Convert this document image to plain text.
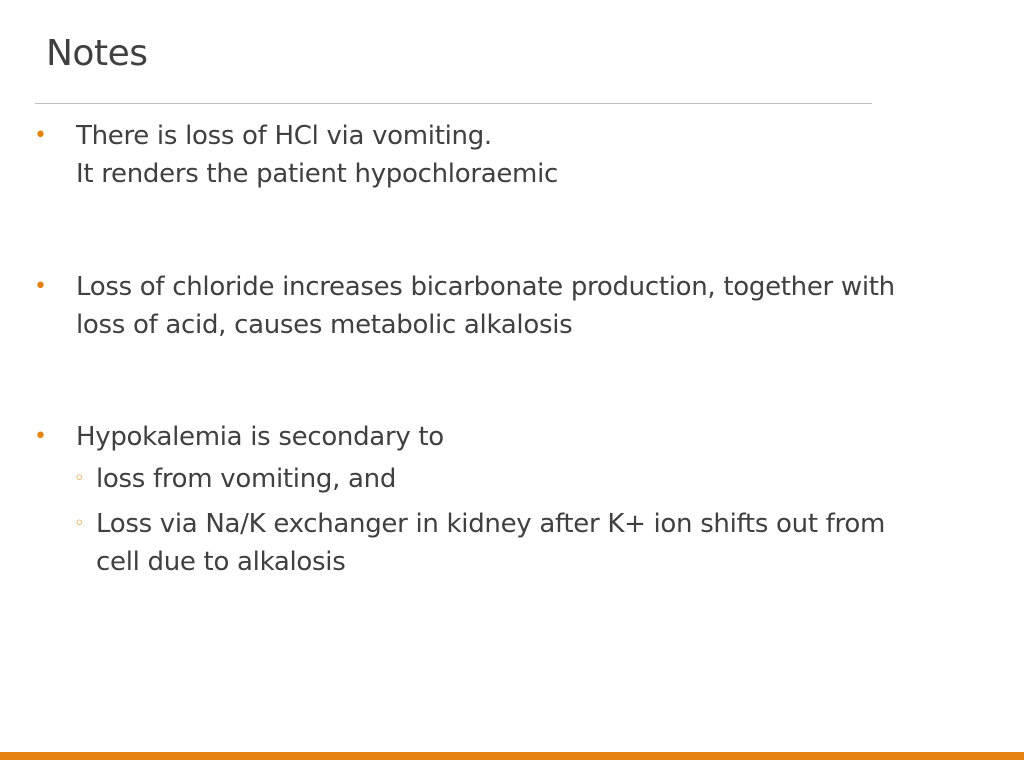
Notes
• There is loss of HCl via vomiting.
It renders the patient hypochloraemic
• Loss of chloride increases bicarbonate production, together with
loss of acid, causes metabolic alkalosis
• Hypokalemia is secondary to
◦ loss from vomiting, and
◦ Loss via Na/K exchanger in kidney after K+ ion shifts out from
cell due to alkalosis
